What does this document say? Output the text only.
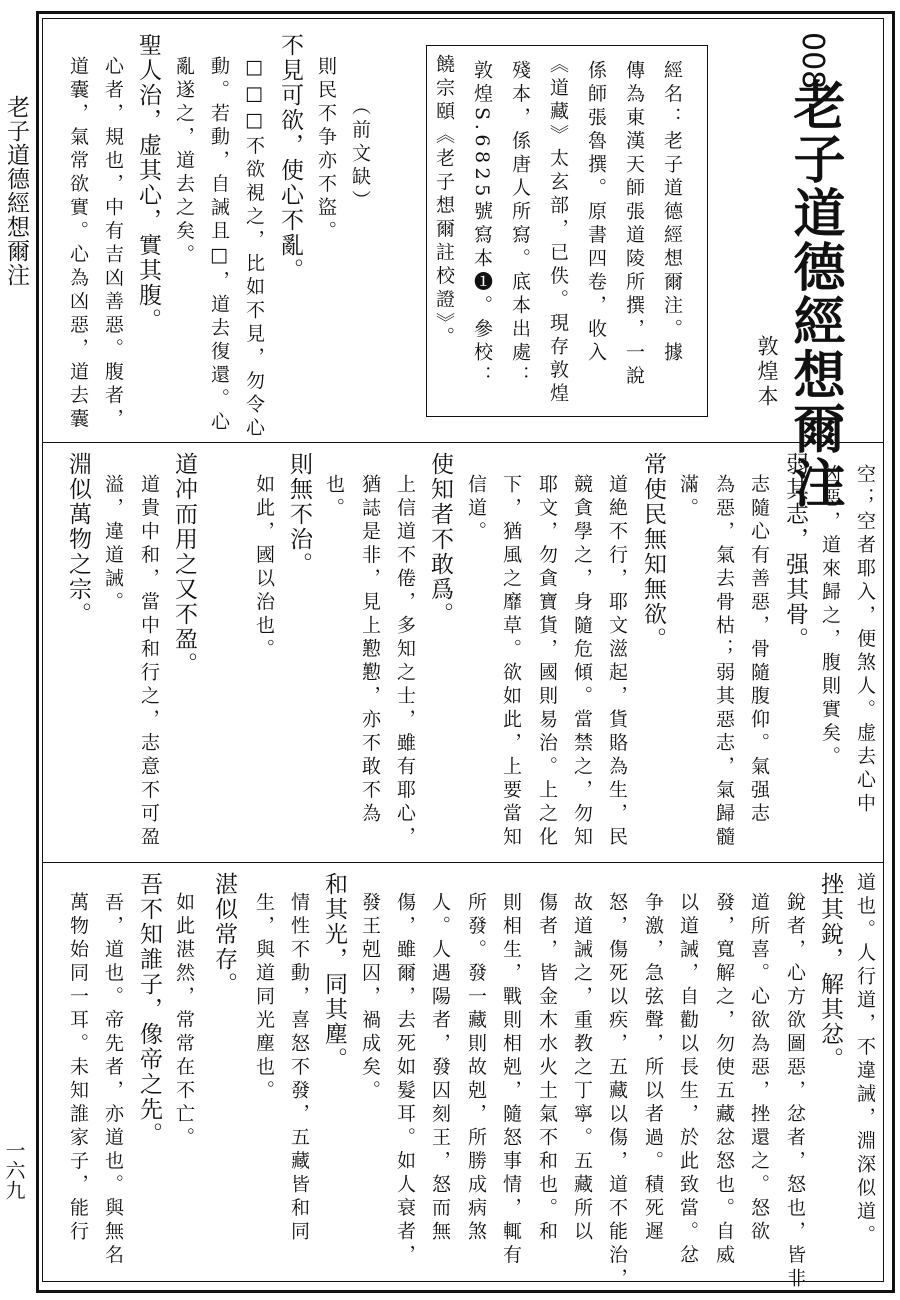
老子道德經想爾注
一六九
008
老子道德經想爾注
敦煌本
經名：老子道德經想爾注。據
傳為東漢天師張道陵所撰，一說
係師張魯撰。原書四卷，收入
《道藏》太玄部，已佚。現存敦煌
殘本，係唐人所寫。底本出處：
敦煌S.6825號寫本❶。參校：
饒宗頤《老子想爾註校證》。
（前文缺）
則民不争亦不盜。
不見可欲，使心不亂。
□□□不欲視之，比如不見，勿令心
動。若動，自誡且□，道去復還。心
亂遂之，道去之矣。
聖人治，虚其心，實其腹。
心者，規也，中有吉凶善惡。腹者，
道囊，氣常欲實。心為凶惡，道去囊
空；空者耶入，便煞人。虚去心中
凶惡，道來歸之，腹則實矣。
弱其志，强其骨。
志隨心有善惡，骨隨腹仰。氣强志
為惡，氣去骨枯；弱其惡志，氣歸髓
滿。
常使民無知無欲。
道絶不行，耶文滋起，貨賂為生，民
競貪學之，身隨危傾。當禁之，勿知
耶文，勿貪寶貨，國則易治。上之化
下，猶風之靡草。欲如此，上要當知
信道。
使知者不敢爲。
上信道不倦，多知之士，雖有耶心，
猶誌是非，見上懃懃，亦不敢不為
也。
則無不治。
如此，國以治也。
道冲而用之又不盈。
道貴中和，當中和行之，志意不可盈
溢，違道誡。
淵似萬物之宗。
道也。人行道，不違誡，淵深似道。
挫其銳，解其忿。
銳者，心方欲圖惡，忿者，怒也，皆非
道所喜。心欲為惡，挫還之。怒欲
發，寬解之，勿使五藏忿怒也。自威
以道誡，自勸以長生，於此致當。忿
争激，急弦聲，所以者過。積死遲
怒，傷死以疾，五藏以傷，道不能治，
故道誡之，重教之丁寧。五藏所以
傷者，皆金木水火土氣不和也。和
則相生，戰則相剋，隨怒事情，輒有
所發。發一藏則故剋，所勝成病煞
人。人遇陽者，發囚刻王，怒而無
傷，雖爾，去死如髮耳。如人衰者，
發王剋囚，禍成矣。
和其光，同其塵。
情性不動，喜怒不發，五藏皆和同
生，與道同光塵也。
湛似常存。
如此湛然，常常在不亡。
吾不知誰子，像帝之先。
吾，道也。帝先者，亦道也。與無名
萬物始同一耳。未知誰家子，能行
